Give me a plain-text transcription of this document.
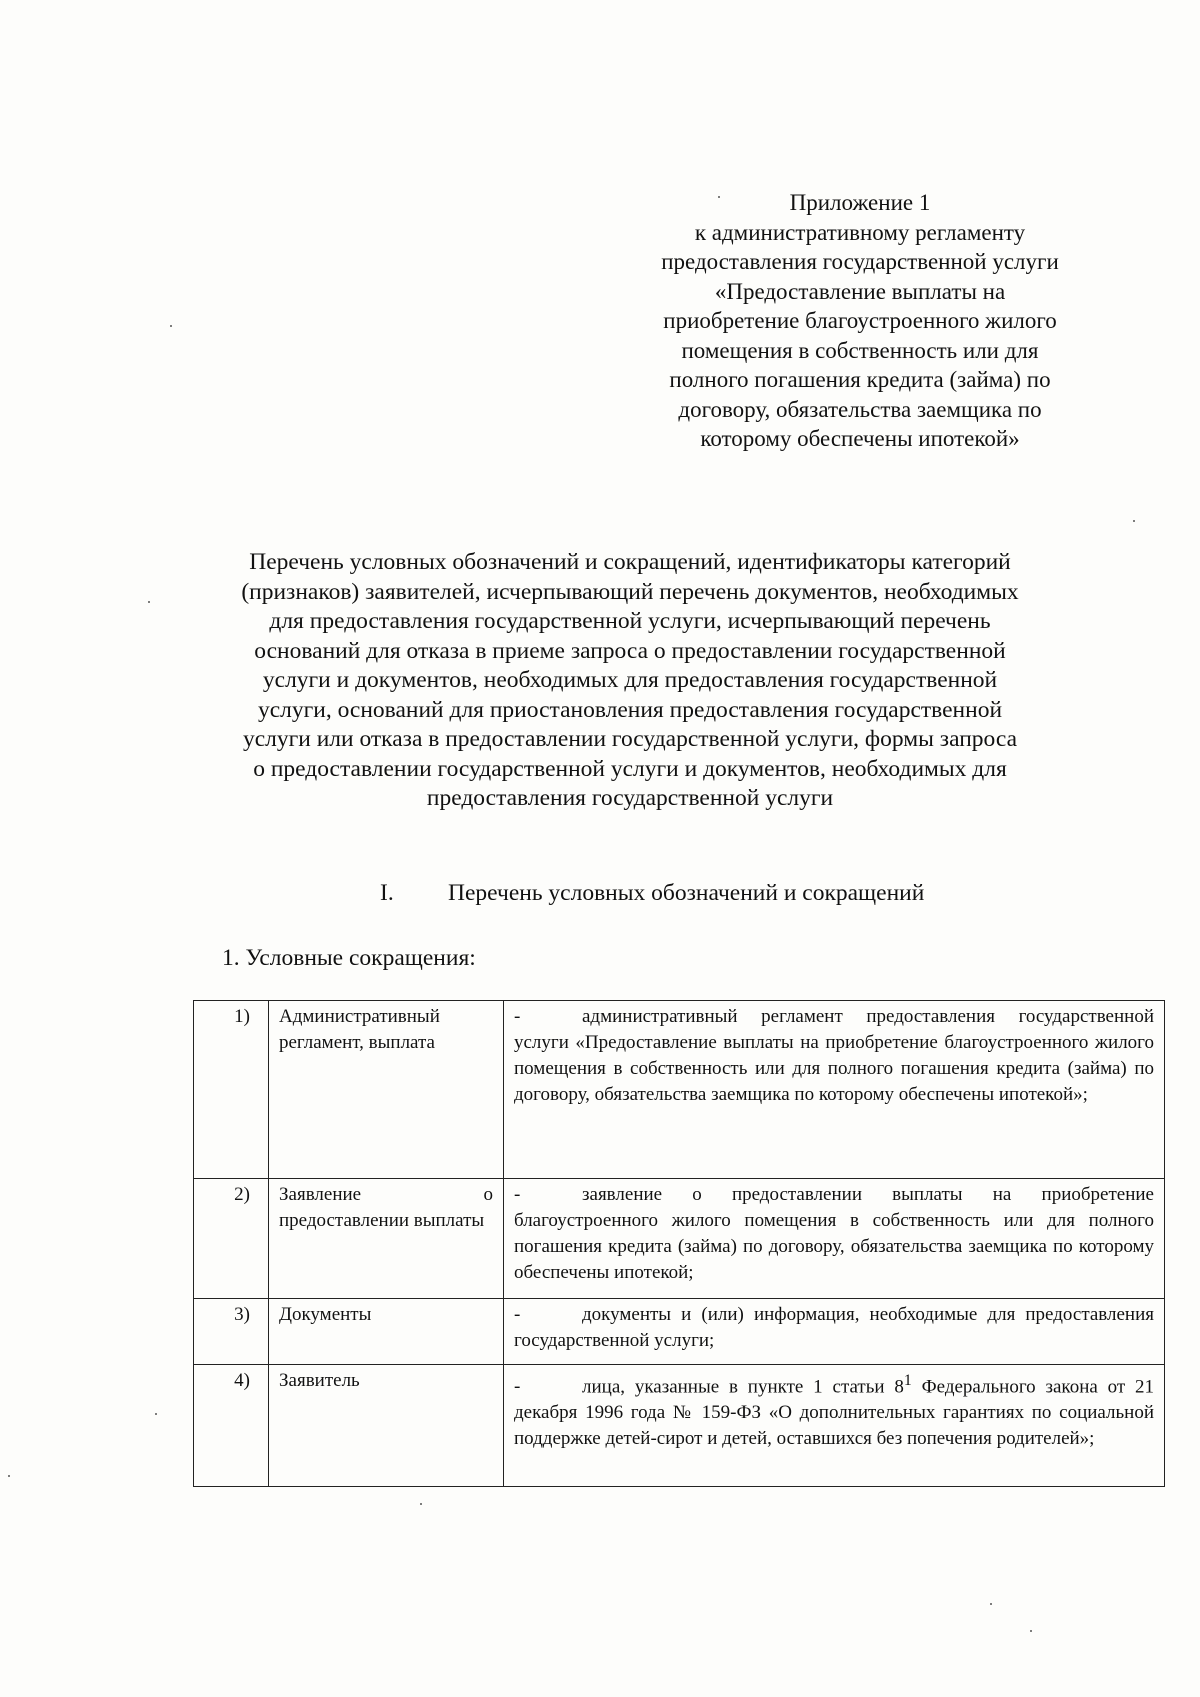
Приложение 1
к административному регламенту
предоставления государственной услуги
«Предоставление выплаты на
приобретение благоустроенного жилого
помещения в собственность или для
полного погашения кредита (займа) по
договору, обязательства заемщика по
которому обеспечены ипотекой»
Перечень условных обозначений и сокращений, идентификаторы категорий
(признаков) заявителей, исчерпывающий перечень документов, необходимых
для предоставления государственной услуги, исчерпывающий перечень
оснований для отказа в приеме запроса о предоставлении государственной
услуги и документов, необходимых для предоставления государственной
услуги, оснований для приостановления предоставления государственной
услуги или отказа в предоставлении государственной услуги, формы запроса
о предоставлении государственной услуги и документов, необходимых для
предоставления государственной услуги
I. Перечень условных обозначений и сокращений
1. Условные сокращения:
1)	Административный регламент, выплата	- административный регламент предоставления государственной услуги «Предоставление выплаты на приобретение благоустроенного жилого помещения в собственность или для полного погашения кредита (займа) по договору, обязательства заемщика по которому обеспечены ипотекой»;
2)	Заявление о предоставлении выплаты	- заявление о предоставлении выплаты на приобретение благоустроенного жилого помещения в собственность или для полного погашения кредита (займа) по договору, обязательства заемщика по которому обеспечены ипотекой;
3)	Документы	- документы и (или) информация, необходимые для предоставления государственной услуги;
4)	Заявитель	- лица, указанные в пункте 1 статьи $8^1$ Федерального закона от 21 декабря 1996 года № 159-ФЗ «О дополнительных гарантиях по социальной поддержке детей-сирот и детей, оставшихся без попечения родителей»;
